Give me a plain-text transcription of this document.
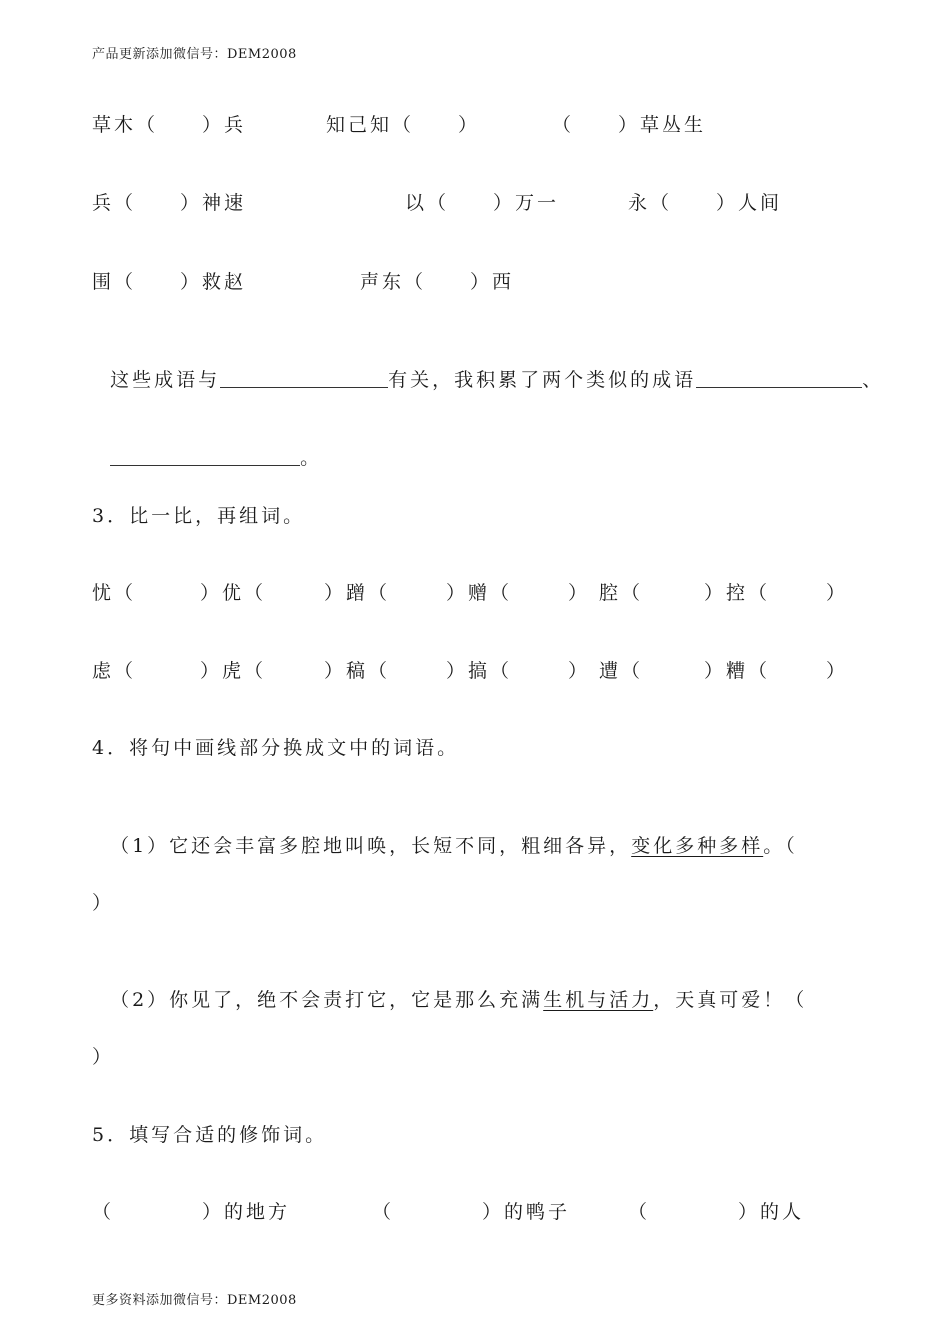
产品更新添加微信号：DEM2008
草木（　　）兵	知己知（　　）	（　　）草丛生
兵（　　）神速	以（　　）万一	永（　　）人间
围（　　）救赵	声东（　　）西

这些成语与	有关，我积累了两个类似的成语	、

。

3．比一比，再组词。
忧（	）优（	）蹭（	）赠（	） 腔（	）控（	）
虑（	）虎（	）稿（	）搞（	） 遭（	）糟（	）
4．将句中画线部分换成文中的词语。

（1）它还会丰富多腔地叫唤，长短不同，粗细各异，变化多种多样。（

）

（2）你见了，绝不会责打它，它是那么充满生机与活力，天真可爱！（

）
5．填写合适的修饰词。
（　　　　）的地方	（　　　　）的鸭子	（　　　　）的人
更多资料添加微信号：DEM2008
